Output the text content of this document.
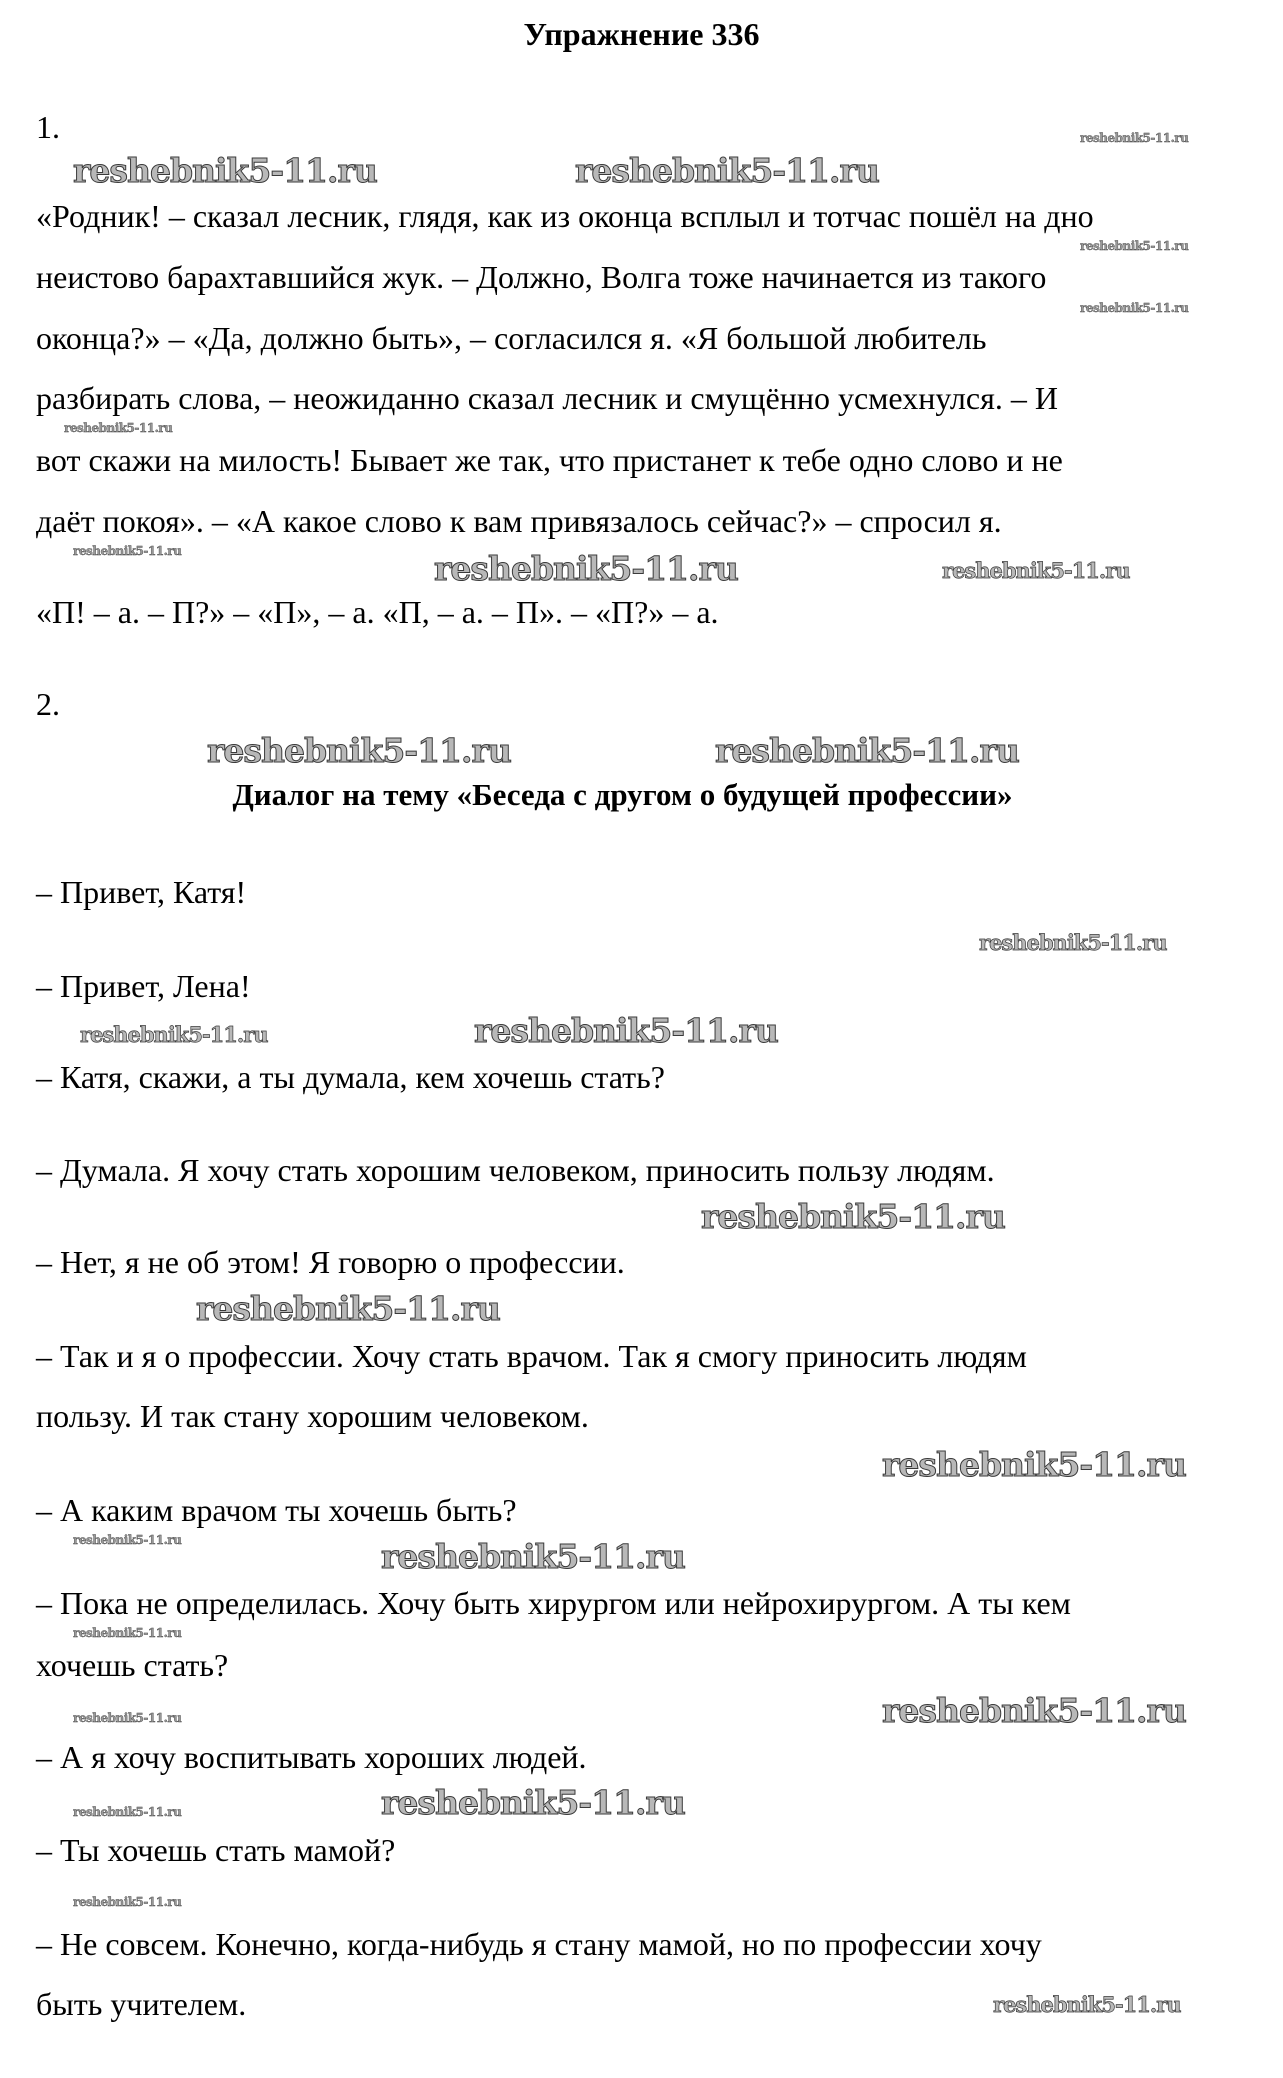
Упражнение 336
1.
«Родник! – сказал лесник, глядя, как из оконца всплыл и тотчас пошёл на дно
неистово барахтавшийся жук. – Должно, Волга тоже начинается из такого
оконца?» – «Да, должно быть», – согласился я. «Я большой любитель
разбирать слова, – неожиданно сказал лесник и смущённо усмехнулся. – И
вот скажи на милость! Бывает же так, что пристанет к тебе одно слово и не
даёт покоя». – «А какое слово к вам привязалось сейчас?» – спросил я.
«П! – а. – П?» – «П», – а. «П, – а. – П». – «П?» – а.
2.
Диалог на тему «Беседа с другом о будущей профессии»
– Привет, Катя!
– Привет, Лена!
– Катя, скажи, а ты думала, кем хочешь стать?
– Думала. Я хочу стать хорошим человеком, приносить пользу людям.
– Нет, я не об этом! Я говорю о профессии.
– Так и я о профессии. Хочу стать врачом. Так я смогу приносить людям
пользу. И так стану хорошим человеком.
– А каким врачом ты хочешь быть?
– Пока не определилась. Хочу быть хирургом или нейрохирургом. А ты кем
хочешь стать?
– А я хочу воспитывать хороших людей.
– Ты хочешь стать мамой?
– Не совсем. Конечно, когда-нибудь я стану мамой, но по профессии хочу
быть учителем.
reshebnik5-11.ru	reshebnik5-11.ru
reshebnik5-11.ru
reshebnik5-11.ru	reshebnik5-11.ru
reshebnik5-11.ru
reshebnik5-11.ru
reshebnik5-11.ru
reshebnik5-11.ru
reshebnik5-11.ru
reshebnik5-11.ru
reshebnik5-11.ru
reshebnik5-11.ru
reshebnik5-11.ru
reshebnik5-11.ru
reshebnik5-11.ru
reshebnik5-11.ru
reshebnik5-11.ru
reshebnik5-11.ru
reshebnik5-11.ru
reshebnik5-11.ru
reshebnik5-11.ru
reshebnik5-11.ru
reshebnik5-11.ru
reshebnik5-11.ru
reshebnik5-11.ru
